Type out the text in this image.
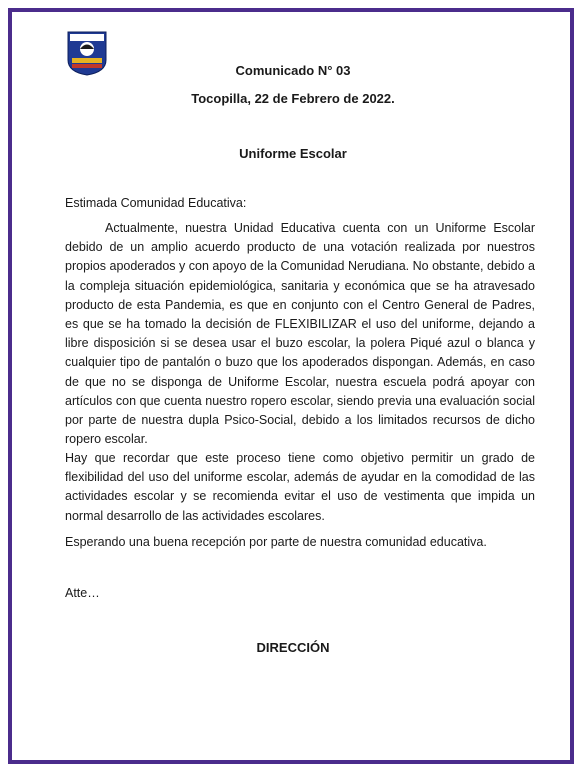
Comunicado N° 03
Tocopilla, 22 de Febrero de 2022.
Uniforme Escolar
Estimada Comunidad Educativa:
Actualmente, nuestra Unidad Educativa cuenta con un Uniforme Escolar debido de un amplio acuerdo producto de una votación realizada por nuestros propios apoderados y con apoyo de la Comunidad Nerudiana. No obstante, debido a la compleja situación epidemiológica, sanitaria y económica que se ha atravesado producto de esta Pandemia, es que en conjunto con el Centro General de Padres, es que se ha tomado la decisión de FLEXIBILIZAR el uso del uniforme, dejando a libre disposición si se desea usar el buzo escolar, la polera Piqué azul o blanca y cualquier tipo de pantalón o buzo que los apoderados dispongan. Además, en caso de que no se disponga de Uniforme Escolar, nuestra escuela podrá apoyar con artículos con que cuenta nuestro ropero escolar, siendo previa una evaluación social por parte de nuestra dupla Psico-Social, debido a los limitados recursos de dicho ropero escolar.
Hay que recordar que este proceso tiene como objetivo permitir un grado de flexibilidad del uso del uniforme escolar, además de ayudar en la comodidad de las actividades escolar y se recomienda evitar el uso de vestimenta que impida un normal desarrollo de las actividades escolares.
Esperando una buena recepción por parte de nuestra comunidad educativa.
Atte…
DIRECCIÓN
